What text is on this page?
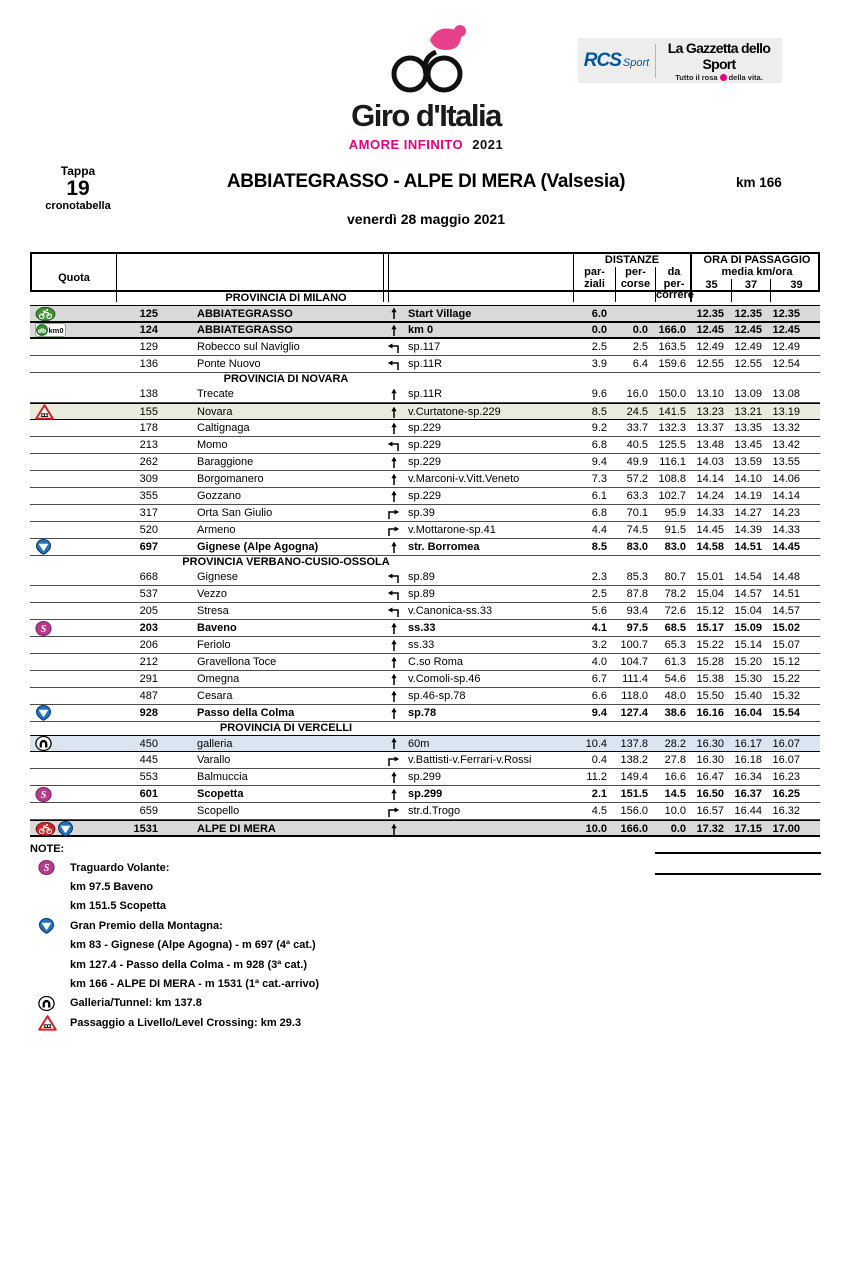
Giro d'Italia
AMORE INFINITO 2021
RCS Sport
La Gazzetta dello Sport
Tutto il rosa della vita.
Tappa
19
cronotabella
ABBIATEGRASSO - ALPE DI MERA (Valsesia)	km 166
venerdì 28 maggio 2021
Quota
DISTANZE
par-
ziali
per-
corse
da per-
correre
ORA DI PASSAGGIO
media km/ora
35	37	39
PROVINCIA DI MILANO
125	ABBIATEGRASSO	Start Village	6.0	12.35 12.35 12.35
km0	124	ABBIATEGRASSO	km 0	0.0	0.0 166.0 12.45 12.45 12.45
129	Robecco sul Naviglio	sp.117	2.5	2.5 163.5 12.49 12.49 12.49
136	Ponte Nuovo	sp.11R	3.9	6.4 159.6 12.55 12.55 12.54
PROVINCIA DI NOVARA
138	Trecate	sp.11R	9.6	16.0 150.0 13.10 13.09 13.08
155	Novara	v.Curtatone-sp.229	8.5	24.5 141.5 13.23 13.21 13.19
178	Caltignaga	sp.229	9.2	33.7 132.3 13.37 13.35 13.32
213	Momo	sp.229	6.8	40.5 125.5 13.48 13.45 13.42
262	Baraggione	sp.229	9.4	49.9	116.1 14.03 13.59 13.55
309	Borgomanero	v.Marconi-v.Vitt.Veneto	7.3	57.2 108.8 14.14 14.10 14.06
355	Gozzano	sp.229	6.1	63.3 102.7 14.24 14.19 14.14
317	Orta San Giulio	sp.39	6.8	70.1	95.9 14.33 14.27 14.23
520	Armeno	v.Mottarone-sp.41	4.4	74.5	91.5 14.45 14.39 14.33
697	Gignese (Alpe Agogna)	str. Borromea	8.5	83.0	83.0 14.58 14.51 14.45
PROVINCIA VERBANO-CUSIO-OSSOLA
668	Gignese	sp.89	2.3	85.3	80.7 15.01 14.54 14.48
537	Vezzo	sp.89	2.5	87.8	78.2 15.04 14.57 14.51
205	Stresa	v.Canonica-ss.33	5.6	93.4	72.6 15.12 15.04 14.57
S	203	Baveno	ss.33	4.1	97.5	68.5 15.17 15.09 15.02
206	Feriolo	ss.33	3.2	100.7	65.3 15.22 15.14 15.07
212	Gravellona Toce	C.so Roma	4.0	104.7	61.3 15.28 15.20 15.12
291	Omegna	v.Comoli-sp.46	6.7	111.4	54.6 15.38 15.30 15.22
487	Cesara	sp.46-sp.78	6.6	118.0	48.0 15.50 15.40 15.32
928	Passo della Colma	sp.78	9.4	127.4	38.6 16.16 16.04 15.54
PROVINCIA DI VERCELLI
450	galleria	60m	10.4	137.8	28.2 16.30 16.17 16.07
445	Varallo	v.Battisti-v.Ferrari-v.Rossi	0.4	138.2	27.8 16.30 16.18 16.07
553	Balmuccia	sp.299	11.2	149.4	16.6 16.47 16.34 16.23
S	601	Scopetta	sp.299	2.1	151.5	14.5 16.50 16.37 16.25
659	Scopello	str.d.Trogo	4.5	156.0	10.0 16.57 16.44 16.32
1531	ALPE DI MERA	10.0	166.0	0.0 17.32 17.15 17.00
NOTE:
S Traguardo Volante:
km 97.5 Baveno
km 151.5 Scopetta
Gran Premio della Montagna:
km 83 - Gignese (Alpe Agogna) - m 697 (4ª cat.)
km 127.4 - Passo della Colma - m 928 (3ª cat.)
km 166 - ALPE DI MERA - m 1531 (1ª cat.-arrivo)
Galleria/Tunnel: km 137.8
Passaggio a Livello/Level Crossing: km 29.3
